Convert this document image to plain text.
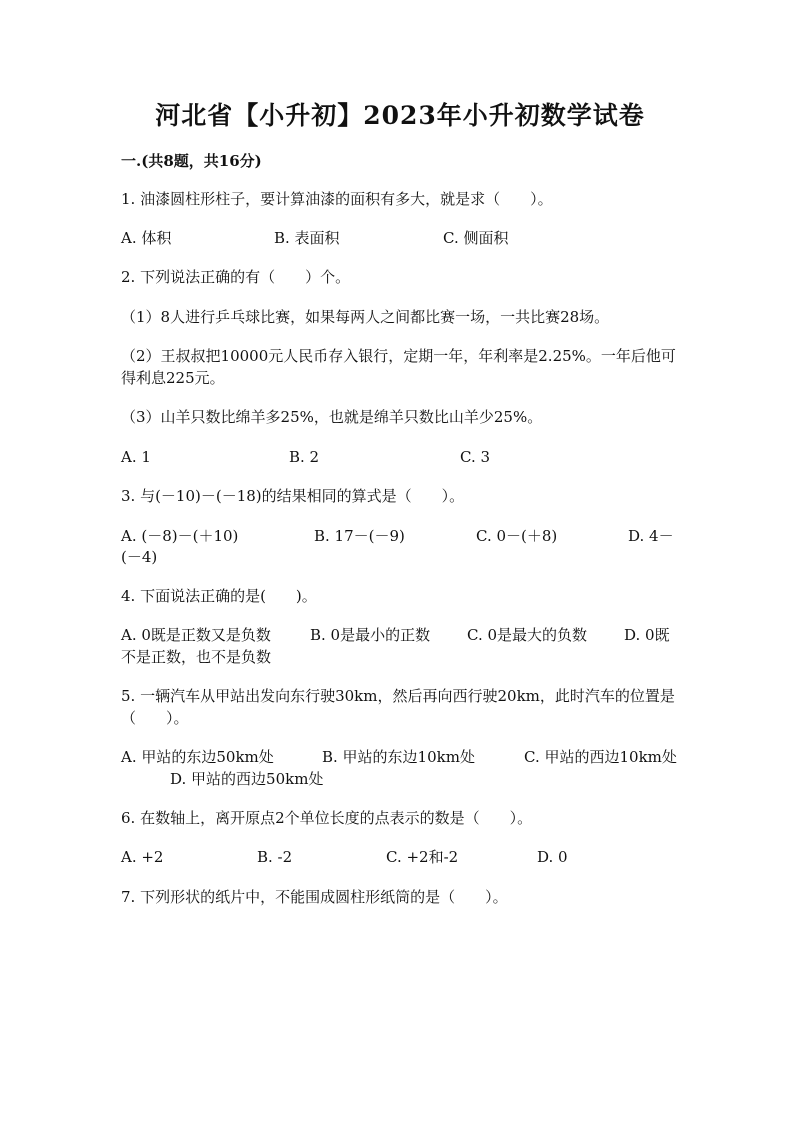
河北省【小升初】2023年小升初数学试卷
一.(共8题，共16分)
1. 油漆圆柱形柱子，要计算油漆的面积有多大，就是求（　　）。
A. 体积	B. 表面积	C. 侧面积
2. 下列说法正确的有（　　）个。
（1）8人进行乒乓球比赛，如果每两人之间都比赛一场，一共比赛28场。
（2）王叔叔把10000元人民币存入银行，定期一年，年利率是2.25%。一年后他可得利息225元。
（3）山羊只数比绵羊多25%，也就是绵羊只数比山羊少25%。
A. 1	B. 2	C. 3
3. 与(－10)－(－18)的结果相同的算式是（　　）。
A. (－8)－(＋10)	B. 17－(－9)	C. 0－(＋8)	D. 4－
(－4)
4. 下面说法正确的是(　　)。
A. 0既是正数又是负数	B. 0是最小的正数 C. 0是最大的负数 D. 0既
不是正数，也不是负数
5. 一辆汽车从甲站出发向东行驶30km，然后再向西行驶20km，此时汽车的位置是（　　）。
A. 甲站的东边50km处	B. 甲站的东边10km处	C. 甲站的西边10km处
D. 甲站的西边50km处
6. 在数轴上，离开原点2个单位长度的点表示的数是（　　）。
A. +2	B. -2	C. +2和-2	D. 0
7. 下列形状的纸片中，不能围成圆柱形纸筒的是（　　）。
